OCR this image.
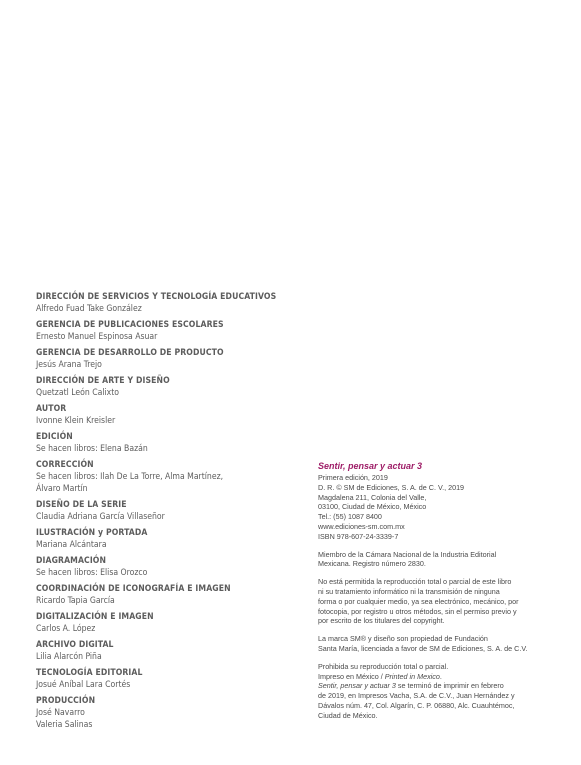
DIRECCIÓN DE SERVICIOS Y TECNOLOGÍA EDUCATIVOS
Alfredo Fuad Take González
GERENCIA DE PUBLICACIONES ESCOLARES
Ernesto Manuel Espinosa Asuar
GERENCIA DE DESARROLLO DE PRODUCTO
Jesús Arana Trejo
DIRECCIÓN DE ARTE Y DISEÑO
Quetzatl León Calixto
AUTOR
Ivonne Klein Kreisler
EDICIÓN
Se hacen libros: Elena Bazán
CORRECCIÓN
Se hacen libros: Ilah De La Torre, Alma Martínez,
Álvaro Martín
DISEÑO DE LA SERIE
Claudia Adriana García Villaseñor
ILUSTRACIÓN y PORTADA
Mariana Alcántara
DIAGRAMACIÓN
Se hacen libros: Elisa Orozco
COORDINACIÓN DE ICONOGRAFÍA E IMAGEN
Ricardo Tapia García
DIGITALIZACIÓN E IMAGEN
Carlos A. López
ARCHIVO DIGITAL
Lilia Alarcón Piña
TECNOLOGÍA EDITORIAL
Josué Aníbal Lara Cortés
PRODUCCIÓN
José Navarro
Valeria Salinas
Sentir, pensar y actuar 3
Primera edición, 2019
D. R. © SM de Ediciones, S. A. de C. V., 2019
Magdalena 211, Colonia del Valle,
03100, Ciudad de México, México
Tel.: (55) 1087 8400
www.ediciones-sm.com.mx
ISBN 978-607-24-3339-7
Miembro de la Cámara Nacional de la Industria Editorial
Mexicana. Registro número 2830.
No está permitida la reproducción total o parcial de este libro
ni su tratamiento informático ni la transmisión de ninguna
forma o por cualquier medio, ya sea electrónico, mecánico, por
fotocopia, por registro u otros métodos, sin el permiso previo y
por escrito de los titulares del copyright.
La marca SM® y diseño son propiedad de Fundación
Santa María, licenciada a favor de SM de Ediciones, S. A. de C.V.
Prohibida su reproducción total o parcial.
Impreso en México / Printed in Mexico.
Sentir, pensar y actuar 3 se terminó de imprimir en febrero
de 2019, en Impresos Vacha, S.A. de C.V., Juan Hernández y
Dávalos núm. 47, Col. Algarín, C. P. 06880, Alc. Cuauhtémoc,
Ciudad de México.
